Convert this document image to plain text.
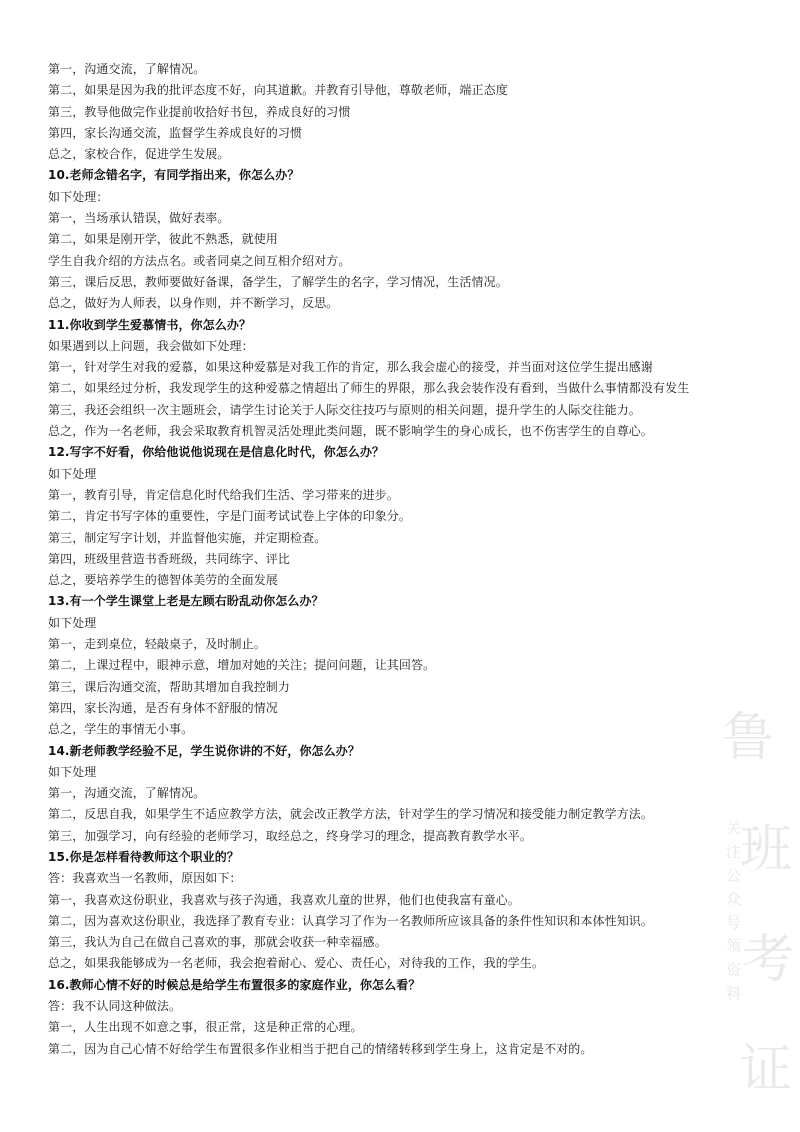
第一，沟通交流，了解情况。
第二，如果是因为我的批评态度不好，向其道歉。并教育引导他，尊敬老师，端正态度
第三，教导他做完作业提前收拾好书包，养成良好的习惯
第四，家长沟通交流，监督学生养成良好的习惯
总之，家校合作，促进学生发展。
10.老师念错名字，有同学指出来，你怎么办？
如下处理：
第一，当场承认错误，做好表率。
第二，如果是刚开学，彼此不熟悉，就使用
学生自我介绍的方法点名。或者同桌之间互相介绍对方。
第三，课后反思，教师要做好备课，备学生，了解学生的名字，学习情况，生活情况。
总之，做好为人师表，以身作则，并不断学习，反思。
11.你收到学生爱慕情书，你怎么办？
如果遇到以上问题，我会做如下处理：
第一，针对学生对我的爱慕，如果这种爱慕是对我工作的肯定，那么我会虚心的接受，并当面对这位学生提出感谢
第二，如果经过分析，我发现学生的这种爱慕之情超出了师生的界限，那么我会装作没有看到，当做什么事情都没有发生
第三，我还会组织一次主题班会，请学生讨论关于人际交往技巧与原则的相关问题，提升学生的人际交往能力。
总之，作为一名老师，我会采取教育机智灵活处理此类问题，既不影响学生的身心成长，也不伤害学生的自尊心。
12.写字不好看，你给他说他说现在是信息化时代，你怎么办？
如下处理
第一，教育引导，肯定信息化时代给我们生活、学习带来的进步。
第二，肯定书写字体的重要性，字是门面考试试卷上字体的印象分。
第三，制定写字计划，并监督他实施，并定期检查。
第四，班级里营造书香班级，共同练字、评比
总之，要培养学生的德智体美劳的全面发展
13.有一个学生课堂上老是左顾右盼乱动你怎么办？
如下处理
第一，走到桌位，轻敲桌子，及时制止。
第二，上课过程中，眼神示意，增加对她的关注；提问问题，让其回答。
第三，课后沟通交流，帮助其增加自我控制力
第四，家长沟通，是否有身体不舒服的情况
总之，学生的事情无小事。
14.新老师教学经验不足，学生说你讲的不好，你怎么办？
如下处理
第一，沟通交流，了解情况。
第二，反思自我，如果学生不适应教学方法，就会改正教学方法，针对学生的学习情况和接受能力制定教学方法。
第三，加强学习，向有经验的老师学习，取经总之，终身学习的理念，提高教育教学水平。
15.你是怎样看待教师这个职业的？
答：我喜欢当一名教师，原因如下：
第一，我喜欢这份职业，我喜欢与孩子沟通，我喜欢儿童的世界，他们也使我富有童心。
第二，因为喜欢这份职业，我选择了教育专业：认真学习了作为一名教师所应该具备的条件性知识和本体性知识。
第三，我认为自己在做自己喜欢的事，那就会收获一种幸福感。
总之，如果我能够成为一名老师，我会抱着耐心、爱心、责任心，对待我的工作，我的学生。
16.教师心情不好的时候总是给学生布置很多的家庭作业，你怎么看？
答：我不认同这种做法。
第一，人生出现不如意之事，很正常，这是种正常的心理。
第二，因为自己心情不好给学生布置很多作业相当于把自己的情绪转移到学生身上，这肯定是不对的。
鲁
班
考
证
关注公众号领资料
